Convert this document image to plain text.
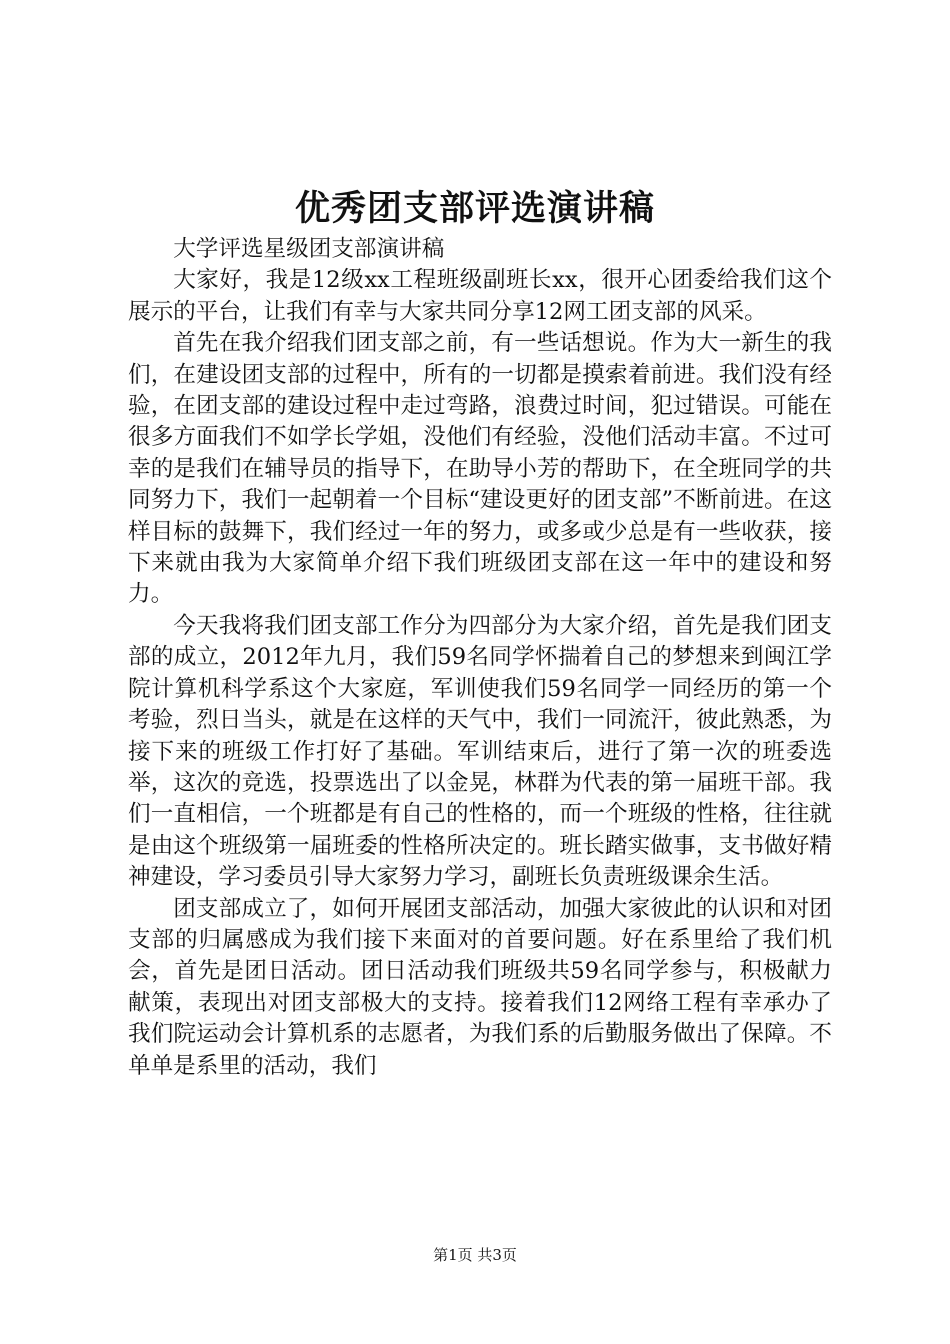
优秀团支部评选演讲稿

大学评选星级团支部演讲稿

大家好，我是12级xx工程班级副班长xx，很开心团委给我们这个展示的平台，让我们有幸与大家共同分享12网工团支部的风采。

首先在我介绍我们团支部之前，有一些话想说。作为大一新生的我们，在建设团支部的过程中，所有的一切都是摸索着前进。我们没有经验，在团支部的建设过程中走过弯路，浪费过时间，犯过错误。可能在很多方面我们不如学长学姐，没他们有经验，没他们活动丰富。不过可幸的是我们在辅导员的指导下，在助导小芳的帮助下，在全班同学的共同努力下，我们一起朝着一个目标“建设更好的团支部”不断前进。在这样目标的鼓舞下，我们经过一年的努力，或多或少总是有一些收获，接下来就由我为大家简单介绍下我们班级团支部在这一年中的建设和努力。

今天我将我们团支部工作分为四部分为大家介绍，首先是我们团支部的成立，2012年九月，我们59名同学怀揣着自己的梦想来到闽江学院计算机科学系这个大家庭，军训使我们59名同学一同经历的第一个考验，烈日当头，就是在这样的天气中，我们一同流汗，彼此熟悉，为接下来的班级工作打好了基础。军训结束后，进行了第一次的班委选举，这次的竞选，投票选出了以金晃，林群为代表的第一届班干部。我们一直相信，一个班都是有自己的性格的，而一个班级的性格，往往就是由这个班级第一届班委的性格所决定的。班长踏实做事，支书做好精神建设，学习委员引导大家努力学习，副班长负责班级课余生活。

团支部成立了，如何开展团支部活动，加强大家彼此的认识和对团支部的归属感成为我们接下来面对的首要问题。好在系里给了我们机会，首先是团日活动。团日活动我们班级共59名同学参与，积极献力献策，表现出对团支部极大的支持。接着我们12网络工程有幸承办了我们院运动会计算机系的志愿者，为我们系的后勤服务做出了保障。不单单是系里的活动，我们

第1页 共3页
